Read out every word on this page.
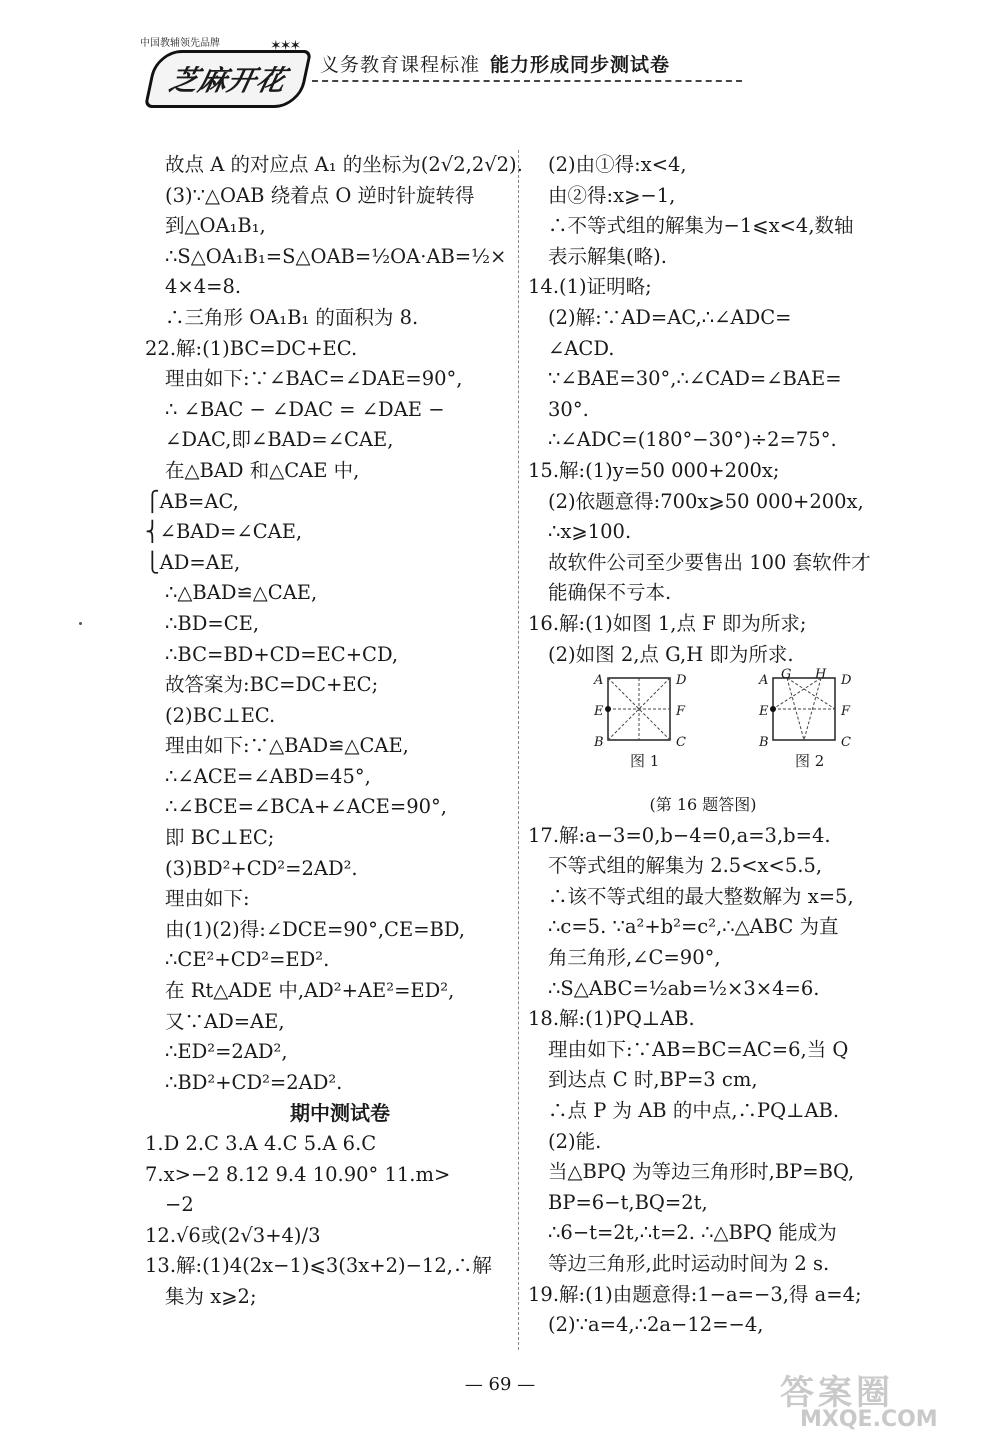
中国教辅领先品牌
芝麻开花
✶✶✶
义务教育课程标准 能力形成同步测试卷
故点 A 的对应点 A₁ 的坐标为(2√2,2√2).
(3)∵△OAB 绕着点 O 逆时针旋转得
到△OA₁B₁,
∴S△OA₁B₁=S△OAB=½OA·AB=½×
4×4=8.
∴三角形 OA₁B₁ 的面积为 8.
22.解:(1)BC=DC+EC.
理由如下:∵∠BAC=∠DAE=90°,
∴ ∠BAC − ∠DAC = ∠DAE −
∠DAC,即∠BAD=∠CAE,
在△BAD 和△CAE 中,
⎧AB=AC,
⎨∠BAD=∠CAE,
⎩AD=AE,
∴△BAD≌△CAE,
∴BD=CE,
∴BC=BD+CD=EC+CD,
故答案为:BC=DC+EC;
(2)BC⊥EC.
理由如下:∵△BAD≌△CAE,
∴∠ACE=∠ABD=45°,
∴∠BCE=∠BCA+∠ACE=90°,
即 BC⊥EC;
(3)BD²+CD²=2AD².
理由如下:
由(1)(2)得:∠DCE=90°,CE=BD,
∴CE²+CD²=ED².
在 Rt△ADE 中,AD²+AE²=ED²,
又∵AD=AE,
∴ED²=2AD²,
∴BD²+CD²=2AD².
期中测试卷
1.D 2.C 3.A 4.C 5.A 6.C
7.x>−2 8.12 9.4 10.90° 11.m>
−2
12.√6或(2√3+4)/3
13.解:(1)4(2x−1)⩽3(3x+2)−12,∴解
集为 x⩾2;
(2)由①得:x<4,
由②得:x⩾−1,
∴不等式组的解集为−1⩽x<4,数轴
表示解集(略).
14.(1)证明略;
(2)解:∵AD=AC,∴∠ADC=
∠ACD.
∵∠BAE=30°,∴∠CAD=∠BAE=
30°.
∴∠ADC=(180°−30°)÷2=75°.
15.解:(1)y=50 000+200x;
(2)依题意得:700x⩾50 000+200x,
∴x⩾100.
故软件公司至少要售出 100 套软件才
能确保不亏本.
16.解:(1)如图 1,点 F 即为所求;
(2)如图 2,点 G,H 即为所求.
A	D
E	F
B	C
图 1
A G H D
E	F
B	C
图 2
(第 16 题答图)
17.解:a−3=0,b−4=0,a=3,b=4.
不等式组的解集为 2.5<x<5.5,
∴该不等式组的最大整数解为 x=5,
∴c=5. ∵a²+b²=c²,∴△ABC 为直
角三角形,∠C=90°,
∴S△ABC=½ab=½×3×4=6.
18.解:(1)PQ⊥AB.
理由如下:∵AB=BC=AC=6,当 Q
到达点 C 时,BP=3 cm,
∴点 P 为 AB 的中点,∴PQ⊥AB.
(2)能.
当△BPQ 为等边三角形时,BP=BQ,
BP=6−t,BQ=2t,
∴6−t=2t,∴t=2. ∴△BPQ 能成为
等边三角形,此时运动时间为 2 s.
19.解:(1)由题意得:1−a=−3,得 a=4;
(2)∵a=4,∴2a−12=−4,
— 69 —	答案圈
MXQE.COM
